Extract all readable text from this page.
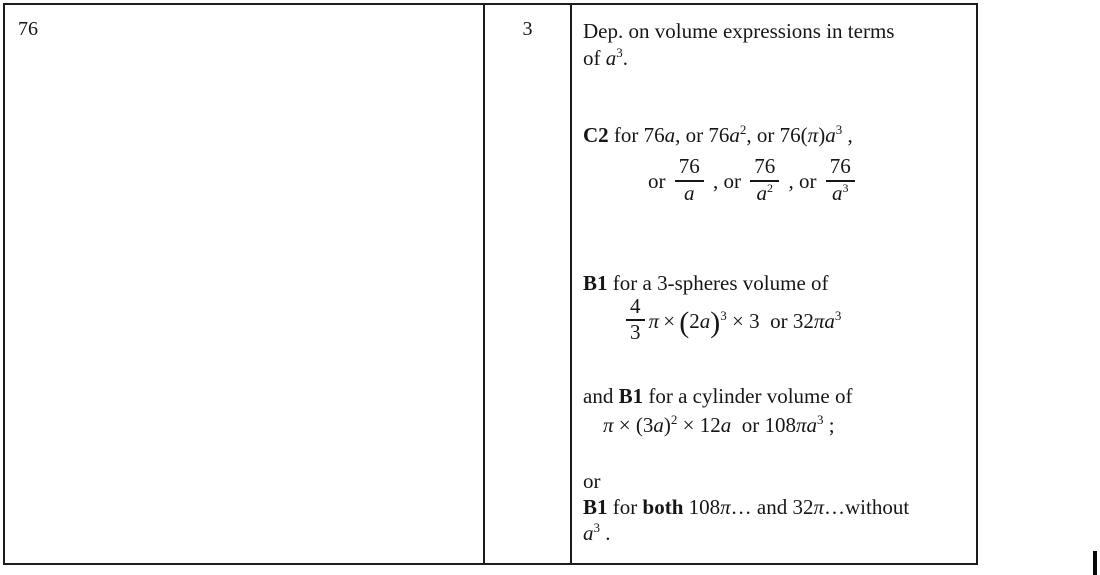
76	3	Dep. on volume expressions in terms
of $a^3$.
C2 for 76a, or $76a^2$, or $76(\pi)a^3$ ,
or $\frac{76}{a}$ , or $\frac{76}{a^2}$ , or $\frac{76}{a^3}$
B1 for a 3-spheres volume of
$\frac{4}{3}$ $\pi \times (2a)^3 \times 3$  or $32\pi a^3$
and B1 for a cylinder volume of
$\pi \times (3a)^2 \times 12a$  or $108\pi a^3$ ;
or
B1 for both 108π… and 32π…without
$a^3$ .
